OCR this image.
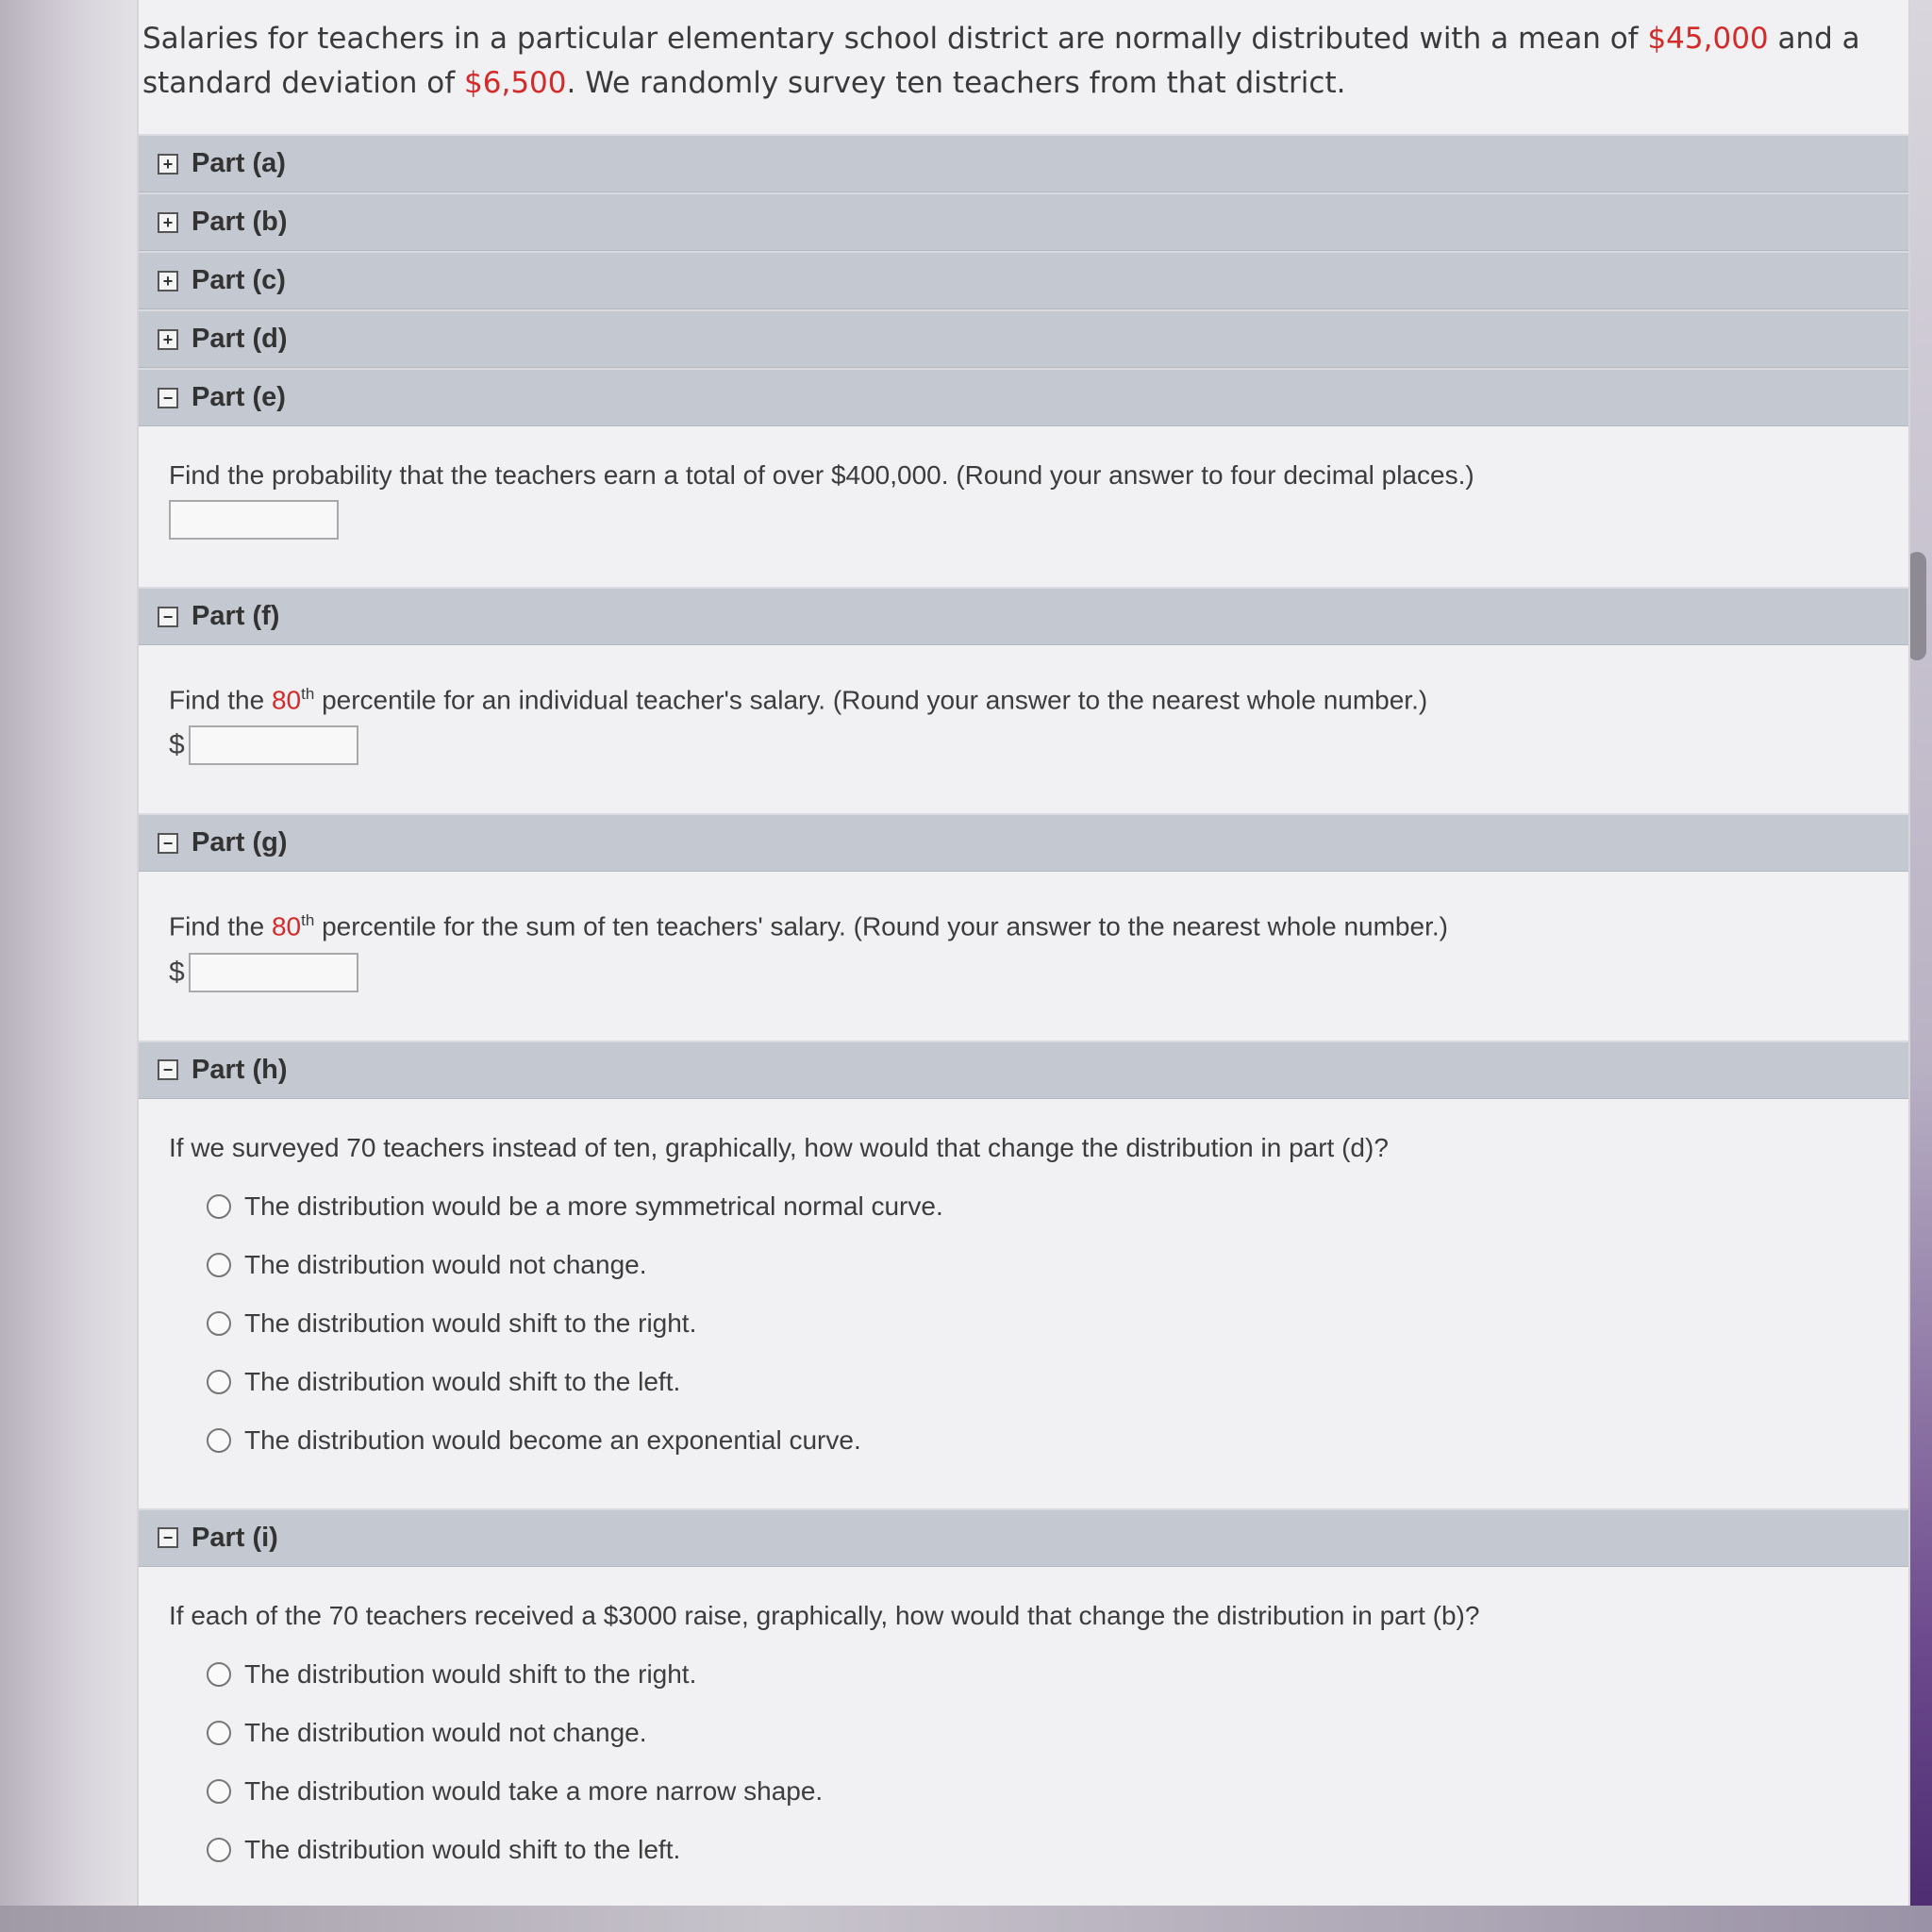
Salaries for teachers in a particular elementary school district are normally distributed with a mean of $45,000 and a standard deviation of $6,500. We randomly survey ten teachers from that district.
+ Part (a)
+ Part (b)
+ Part (c)
+ Part (d)
− Part (e)
Find the probability that the teachers earn a total of over $400,000. (Round your answer to four decimal places.)
− Part (f)
Find the 80th percentile for an individual teacher's salary. (Round your answer to the nearest whole number.)
$
− Part (g)
Find the 80th percentile for the sum of ten teachers' salary. (Round your answer to the nearest whole number.)
$
− Part (h)
If we surveyed 70 teachers instead of ten, graphically, how would that change the distribution in part (d)?
The distribution would be a more symmetrical normal curve.
The distribution would not change.
The distribution would shift to the right.
The distribution would shift to the left.
The distribution would become an exponential curve.
− Part (i)
If each of the 70 teachers received a $3000 raise, graphically, how would that change the distribution in part (b)?
The distribution would shift to the right.
The distribution would not change.
The distribution would take a more narrow shape.
The distribution would shift to the left.
